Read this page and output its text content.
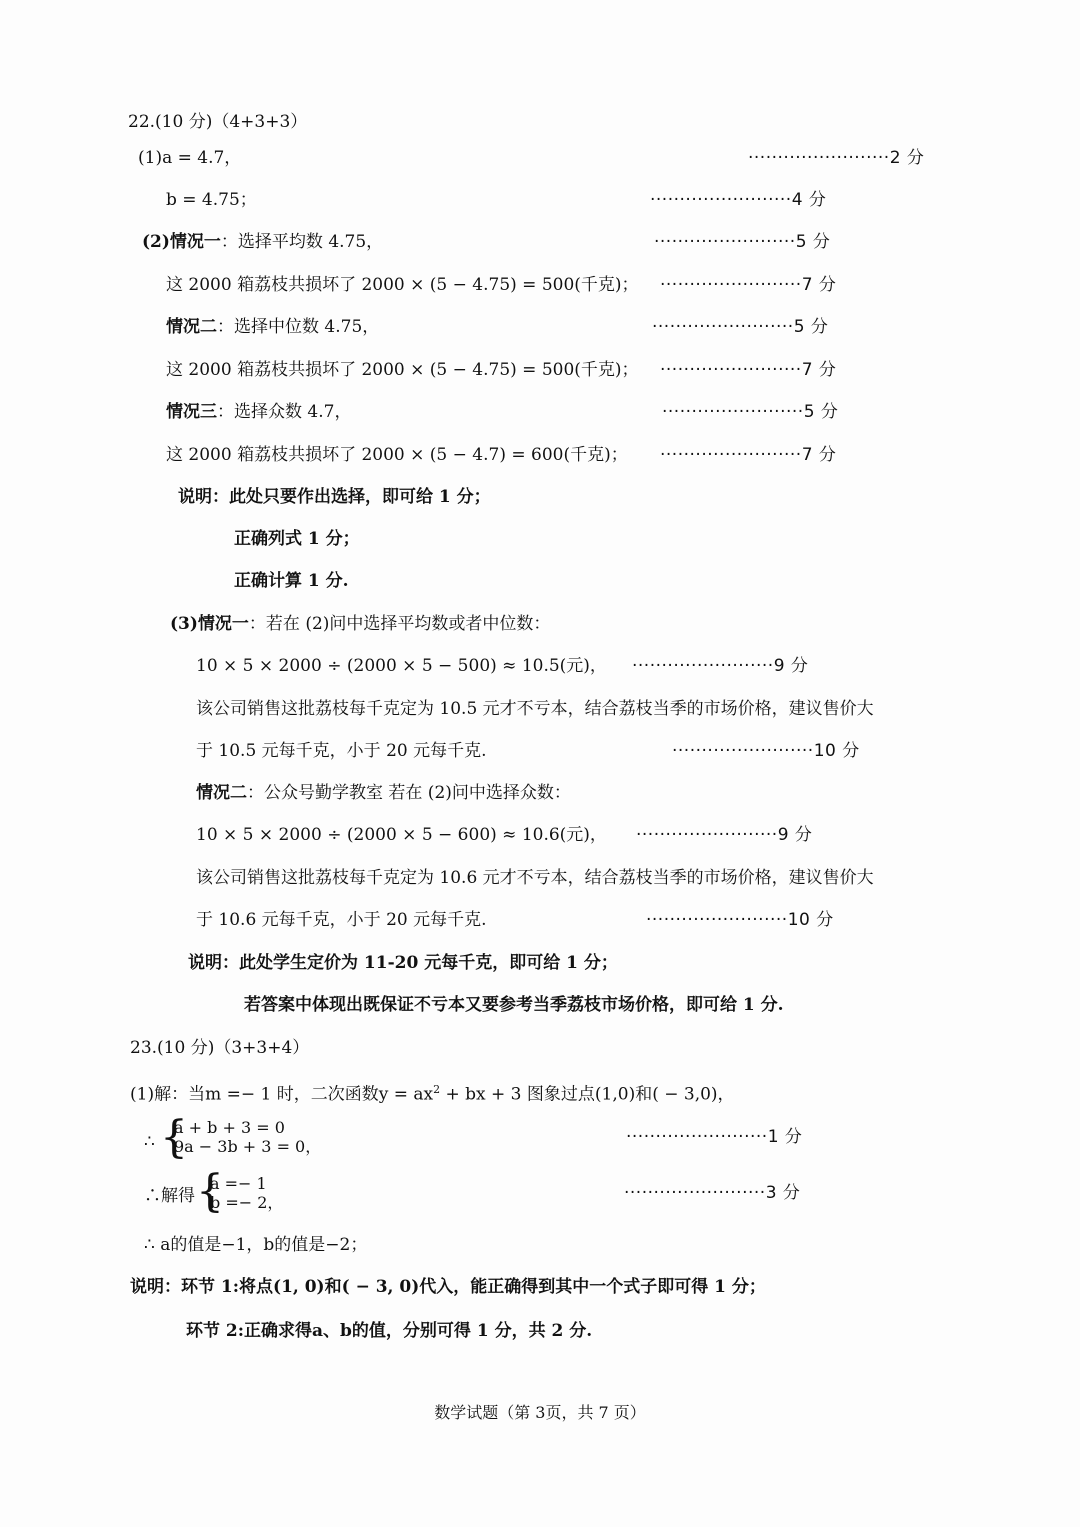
22.(10 分)（4+3+3）
(1)a = 4.7，	························2 分
b = 4.75；	························4 分
(2)情况一：选择平均数 4.75，	························5 分
这 2000 箱荔枝共损坏了 2000 × (5 − 4.75) = 500(千克)； ························7 分
情况二：选择中位数 4.75，	························5 分
这 2000 箱荔枝共损坏了 2000 × (5 − 4.75) = 500(千克)； ························7 分
情况三：选择众数 4.7，	························5 分
这 2000 箱荔枝共损坏了 2000 × (5 − 4.7) = 600(千克)； ························7 分
说明：此处只要作出选择，即可给 1 分；
正确列式 1 分；
正确计算 1 分.
(3)情况一：若在 (2)问中选择平均数或者中位数：
10 × 5 × 2000 ÷ (2000 × 5 − 500) ≈ 10.5(元)， ························9 分
该公司销售这批荔枝每千克定为 10.5 元才不亏本，结合荔枝当季的市场价格，建议售价大
于 10.5 元每千克，小于 20 元每千克.	························10 分
情况二：公众号勤学教室 若在 (2)问中选择众数：
10 × 5 × 2000 ÷ (2000 × 5 − 600) ≈ 10.6(元)， ························9 分
该公司销售这批荔枝每千克定为 10.6 元才不亏本，结合荔枝当季的市场价格，建议售价大
于 10.6 元每千克，小于 20 元每千克.	························10 分
说明：此处学生定价为 11-20 元每千克，即可给 1 分；
若答案中体现出既保证不亏本又要参考当季荔枝市场价格，即可给 1 分.
23.(10 分)（3+3+4）
(1)解：当m =− 1 时，二次函数$y = ax^2$ + bx + 3 图象过点(1,0)和( − 3,0)，
∴ {
a + b + 3 = 0
9a − 3b + 3 = 0，	························1 分
∴解得 {
a =− 1
b =− 2，	························3 分
∴ a的值是−1，b的值是−2；
说明：环节 1:将点(1, 0)和( − 3, 0)代入，能正确得到其中一个式子即可得 1 分；
环节 2:正确求得a、b的值，分别可得 1 分，共 2 分.
数学试题（第 3页，共 7 页）
